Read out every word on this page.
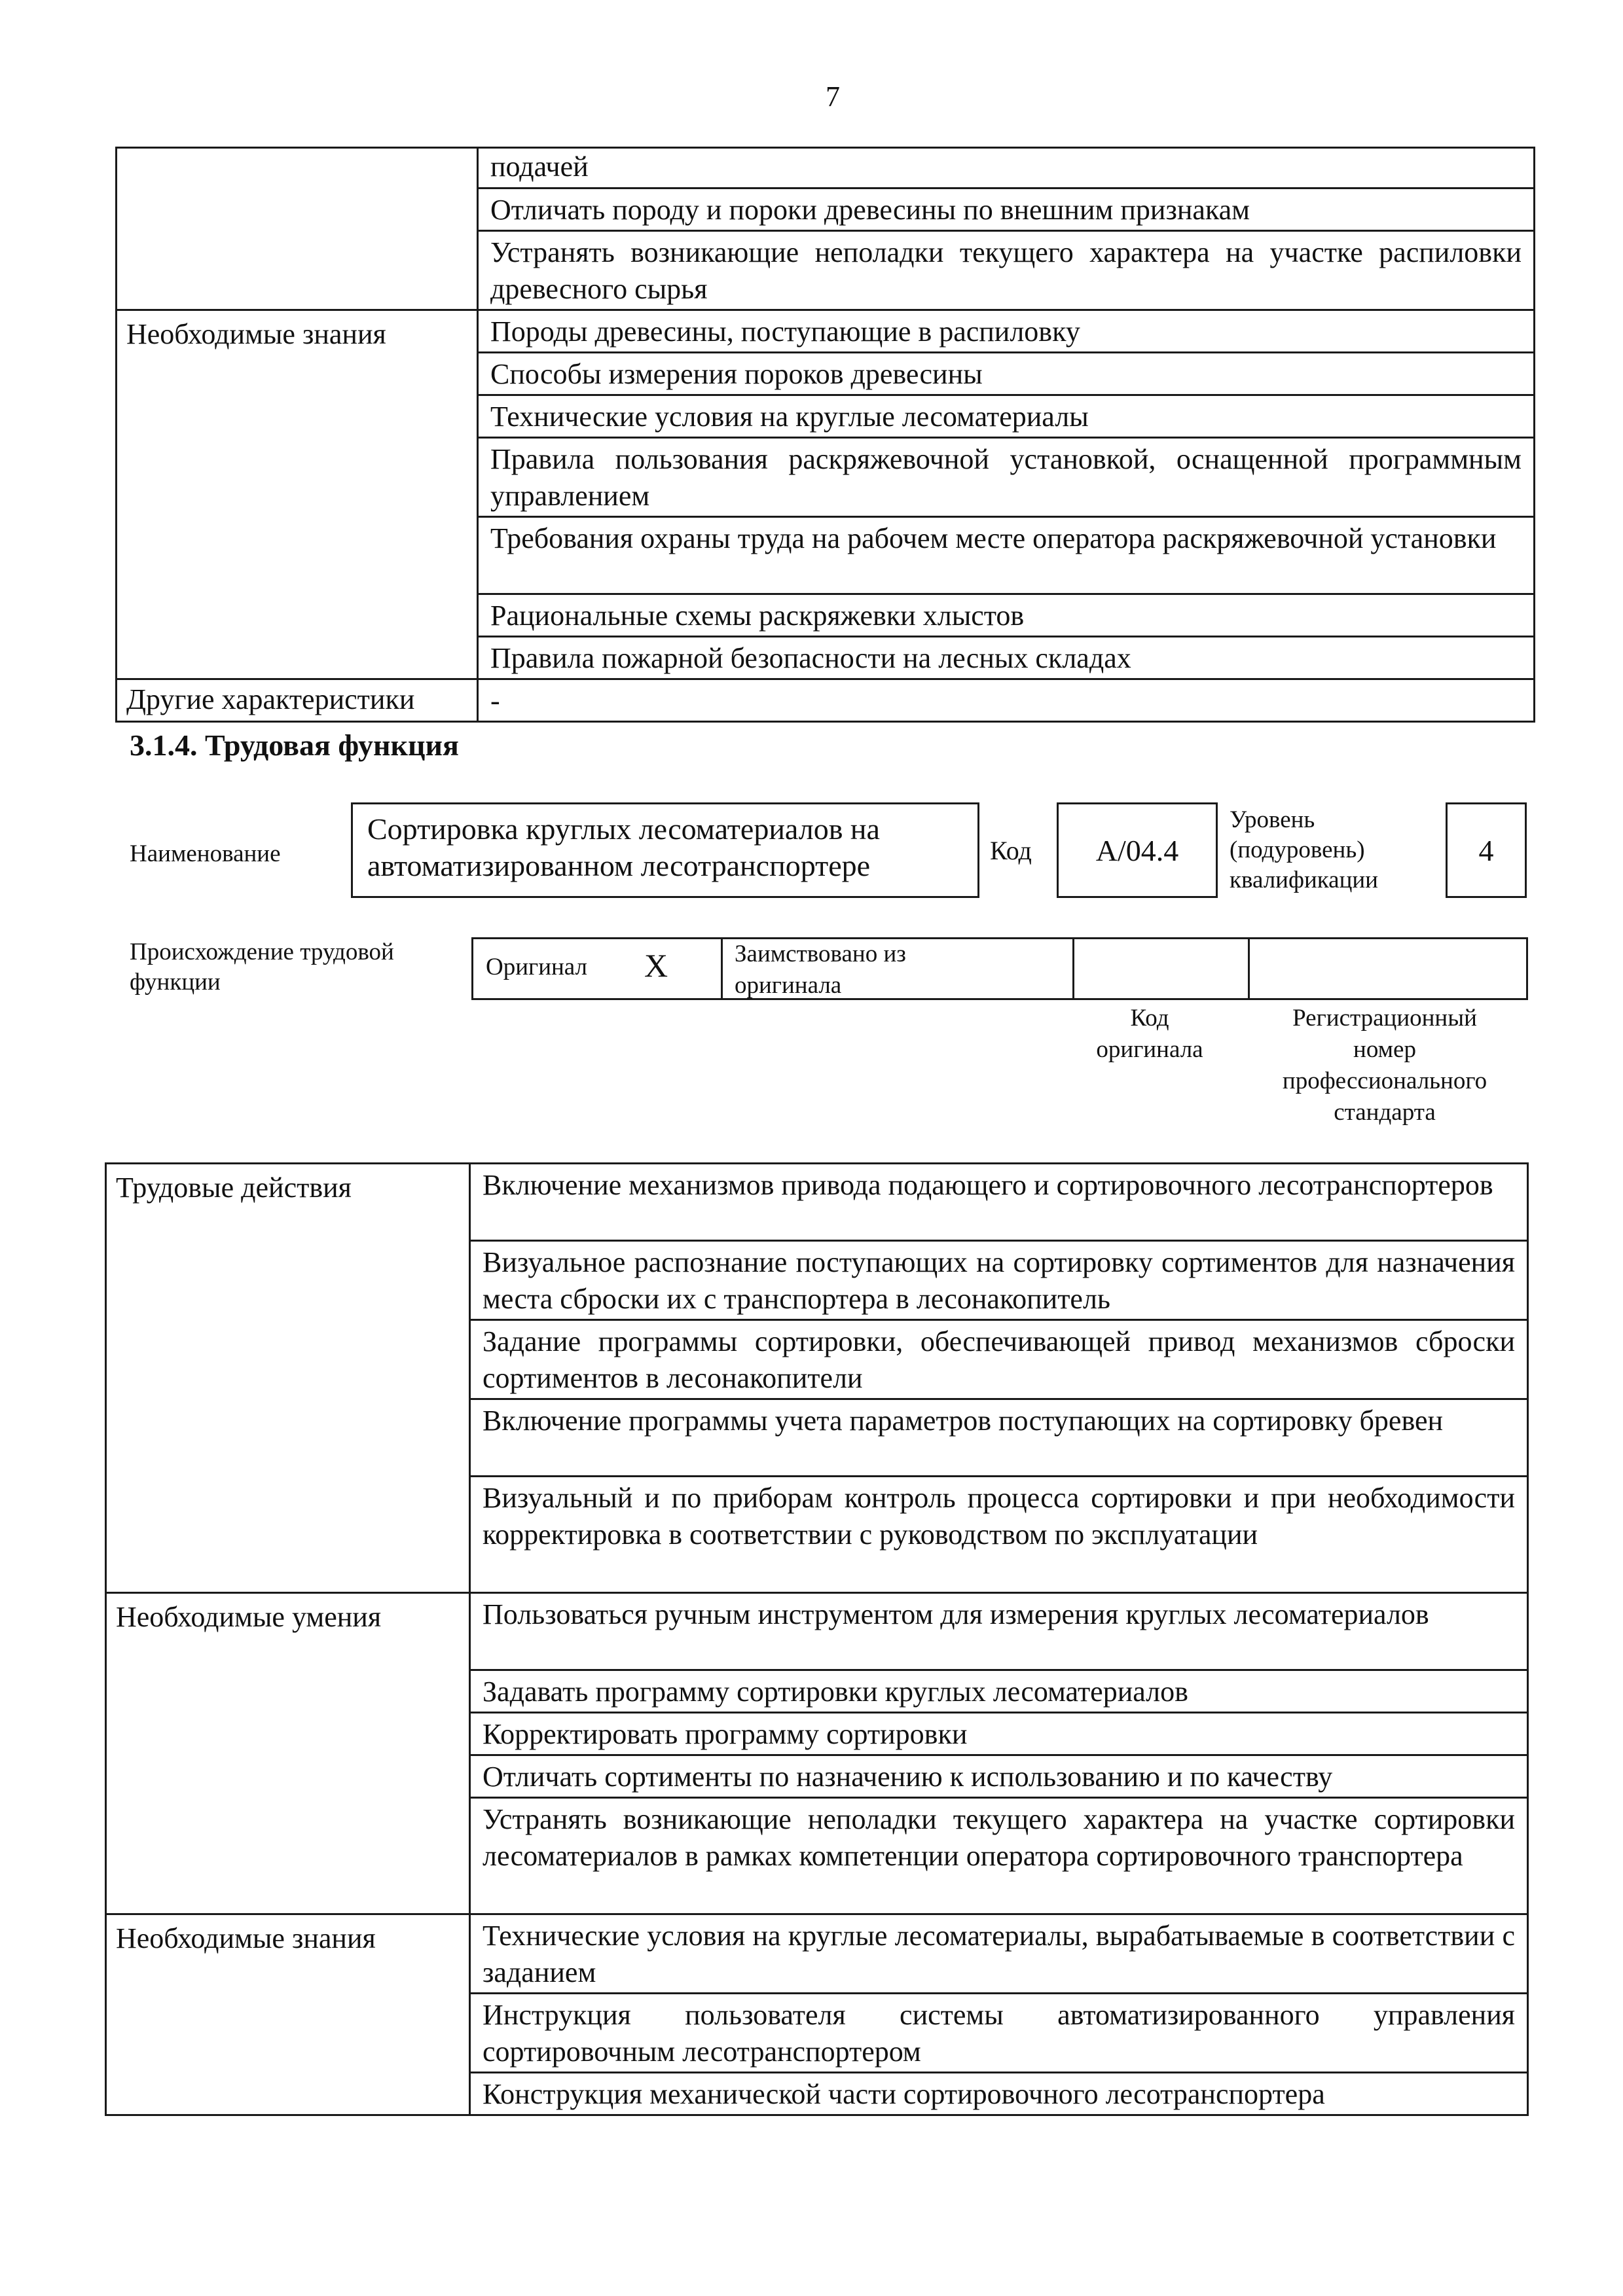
7
	подачей
	Отличать породу и пороки древесины по внешним признакам
	Устранять возникающие неполадки текущего характера на участке распиловки древесного сырья
Необходимые знания	Породы древесины, поступающие в распиловку
	Способы измерения пороков древесины
	Технические условия на круглые лесоматериалы
	Правила пользования раскряжевочной установкой, оснащенной программным управлением
	Требования охраны труда на рабочем месте оператора раскряжевочной установки
	Рациональные схемы раскряжевки хлыстов
	Правила пожарной безопасности на лесных складах
Другие характеристики	-
3.1.4. Трудовая функция
Наименование
Сортировка круглых лесоматериалов на автоматизированном лесотранспортере	Код	А/04.4
Уровень
(подуровень)
квалификации
4
Происхождение трудовой функции
Оригинал X	Заимствовано из
оригинала
Код
оригинала
Регистрационный
номер
профессионального
стандарта
Трудовые действия	Включение механизмов привода подающего и сортировочного лесотранспортеров
	Визуальное распознание поступающих на сортировку сортиментов для назначения места сброски их с транспортера в лесонакопитель
	Задание программы сортировки, обеспечивающей привод механизмов сброски сортиментов в лесонакопители
	Включение программы учета параметров поступающих на сортировку бревен
	Визуальный и по приборам контроль процесса сортировки и при необходимости корректировка в соответствии с руководством по эксплуатации
Необходимые умения	Пользоваться ручным инструментом для измерения круглых лесоматериалов
	Задавать программу сортировки круглых лесоматериалов
	Корректировать программу сортировки
	Отличать сортименты по назначению к использованию и по качеству
	Устранять возникающие неполадки текущего характера на участке сортировки лесоматериалов в рамках компетенции оператора сортировочного транспортера
Необходимые знания	Технические условия на круглые лесоматериалы, вырабатываемые в соответствии с заданием
	Инструкция пользователя системы автоматизированного управления сортировочным лесотранспортером
	Конструкция механической части сортировочного лесотранспортера
